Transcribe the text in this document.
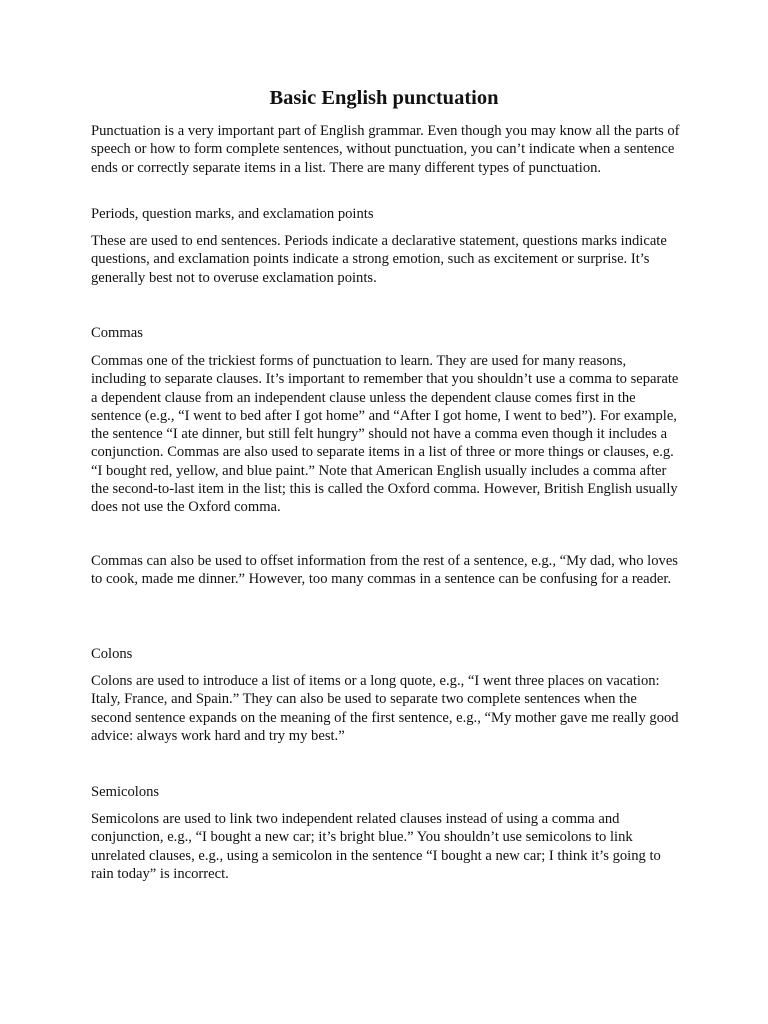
Basic English punctuation

Punctuation is a very important part of English grammar. Even though you may know all the parts of speech or how to form complete sentences, without punctuation, you can’t indicate when a sentence ends or correctly separate items in a list. There are many different types of punctuation.

Periods, question marks, and exclamation points

These are used to end sentences. Periods indicate a declarative statement, questions marks indicate questions, and exclamation points indicate a strong emotion, such as excitement or surprise. It’s generally best not to overuse exclamation points.

Commas

Commas one of the trickiest forms of punctuation to learn. They are used for many reasons, including to separate clauses. It’s important to remember that you shouldn’t use a comma to separate a dependent clause from an independent clause unless the dependent clause comes first in the sentence (e.g., “I went to bed after I got home” and “After I got home, I went to bed”). For example, the sentence “I ate dinner, but still felt hungry” should not have a comma even though it includes a conjunction. Commas are also used to separate items in a list of three or more things or clauses, e.g. “I bought red, yellow, and blue paint.” Note that American English usually includes a comma after the second-to-last item in the list; this is called the Oxford comma. However, British English usually does not use the Oxford comma.

Commas can also be used to offset information from the rest of a sentence, e.g., “My dad, who loves to cook, made me dinner.” However, too many commas in a sentence can be confusing for a reader.

Colons

Colons are used to introduce a list of items or a long quote, e.g., “I went three places on vacation: Italy, France, and Spain.” They can also be used to separate two complete sentences when the second sentence expands on the meaning of the first sentence, e.g., “My mother gave me really good advice: always work hard and try my best.”

Semicolons

Semicolons are used to link two independent related clauses instead of using a comma and conjunction, e.g., “I bought a new car; it’s bright blue.” You shouldn’t use semicolons to link unrelated clauses, e.g., using a semicolon in the sentence “I bought a new car; I think it’s going to rain today” is incorrect.
